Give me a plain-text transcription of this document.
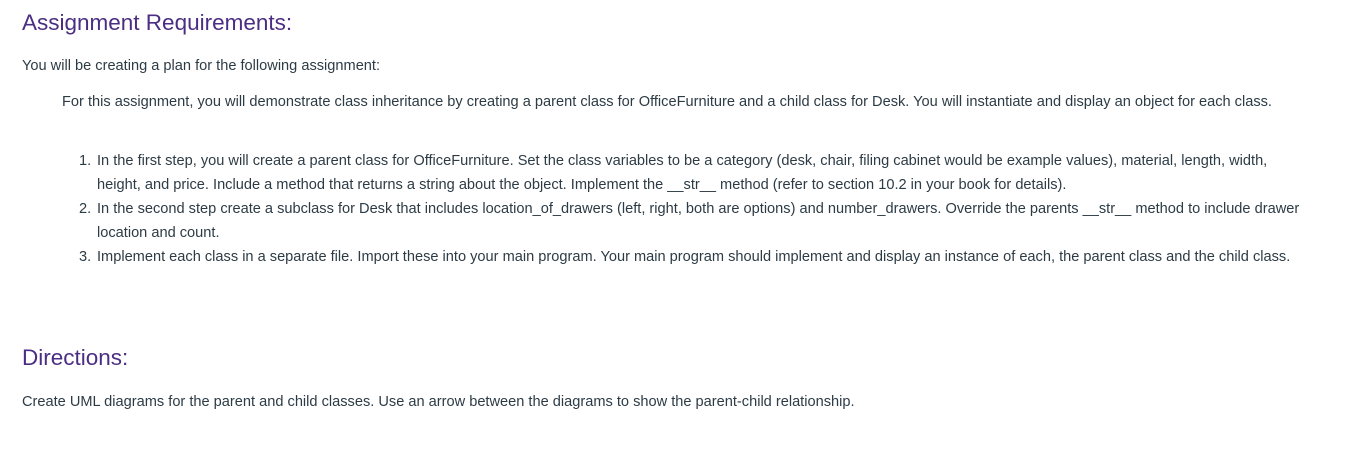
Assignment Requirements:

You will be creating a plan for the following assignment:

For this assignment, you will demonstrate class inheritance by creating a parent class for OfficeFurniture and a child class for Desk. You will instantiate and display an object for each class.

1. In the first step, you will create a parent class for OfficeFurniture. Set the class variables to be a category (desk, chair, filing cabinet would be example values), material, length, width, height, and price. Include a method that returns a string about the object. Implement the __str__ method (refer to section 10.2 in your book for details).
2. In the second step create a subclass for Desk that includes location_of_drawers (left, right, both are options) and number_drawers. Override the parents __str__ method to include drawer location and count.
3. Implement each class in a separate file. Import these into your main program. Your main program should implement and display an instance of each, the parent class and the child class.
Directions:

Create UML diagrams for the parent and child classes. Use an arrow between the diagrams to show the parent-child relationship.
